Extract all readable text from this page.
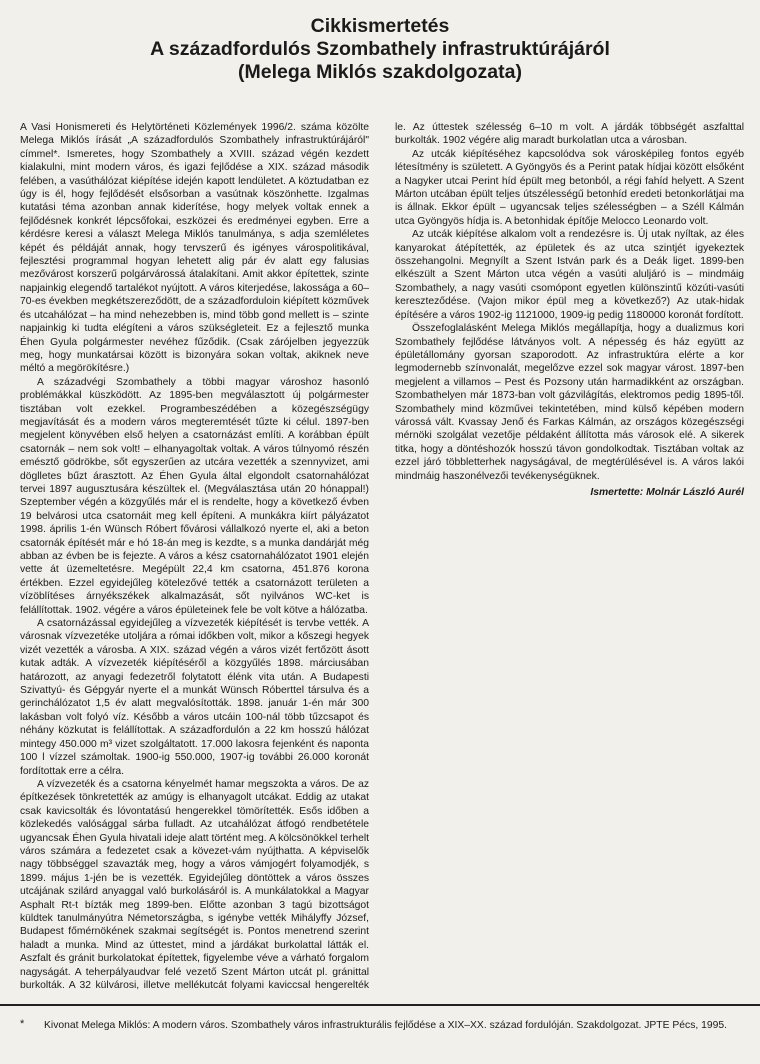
Cikkismertetés
A századfordulós Szombathely infrastruktúrájáról
(Melega Miklós szakdolgozata)

A Vasi Honismereti és Helytörténeti Közlemények 1996/2. száma közölte Melega Miklós írását „A századfordulós Szombathely infrastruktúrájáról" címmel*. Ismeretes, hogy Szombathely a XVIII. század végén kezdett kialakulni, mint modern város, és igazi fejlődése a XIX. század második felében, a vasúthálózat kiépítése idején kapott lendületet. A köztudatban ez úgy is él, hogy fejlődését elsősorban a vasútnak köszönhette. Izgalmas kutatási téma azonban annak kiderítése, hogy melyek voltak ennek a fejlődésnek konkrét lépcsőfokai, eszközei és eredményei egyben. Erre a kérdésre keresi a választ Melega Miklós tanulmánya, s adja szemléletes képét és példáját annak, hogy tervszerű és igényes várospolitikával, fejlesztési programmal hogyan lehetett alig pár év alatt egy falusias mezővárost korszerű polgárvárossá átalakítani. Amit akkor építettek, szinte napjainkig elegendő tartalékot nyújtott. A város kiterjedése, lakossága a 60–70-es években megkétszereződött, de a századforduloin kiépített közművek és utcahálózat – ha mind nehezebben is, mind több gond mellett is – szinte napjainkig ki tudta elégíteni a város szükségleteit. Ez a fejlesztő munka Éhen Gyula polgármester nevéhez fűződik. (Csak zárójelben jegyezzük meg, hogy munkatársai között is bizonyára sokan voltak, akiknek neve méltó a megörökítésre.)

A századvégi Szombathely a többi magyar városhoz hasonló problémákkal küszködött. Az 1895-ben megválasztott új polgármester tisztában volt ezekkel. Programbeszédében a közegészségügy megjavítását és a modern város megteremtését tűzte ki célul. 1897-ben megjelent könyvében első helyen a csatornázást említi. A korábban épült csatornák – nem sok volt! – elhanyagoltak voltak. A város túlnyomó részén emésztő gödrökbe, sőt egyszerűen az utcára vezették a szennyvizet, ami döglletes bűzt árasztott. Az Éhen Gyula által elgondolt csatornahálózat tervei 1897 augusztusára készültek el. (Megválasztása után 20 hónappal!) Szeptember végén a közgyűlés már el is rendelte, hogy a következő évben 19 belvárosi utca csatornáit meg kell építeni. A munkákra kiírt pályázatot 1998. április 1-én Wünsch Róbert fővárosi vállalkozó nyerte el, aki a beton csatornák építését már e hó 18-án meg is kezdte, s a munka dandárját még abban az évben be is fejezte. A város a kész csatornahálózatot 1901 elején vette át üzemeltetésre. Megépült 22,4 km csatorna, 451.876 korona értékben. Ezzel egyidejűleg kötelezővé tették a csatornázott területen a vízöblítéses árnyékszékek alkalmazását, sőt nyilvános WC-ket is felállítottak. 1902. végére a város épületeinek fele be volt kötve a hálózatba.

A csatornázással egyidejűleg a vízvezeték kiépítését is tervbe vették. A városnak vízvezetéke utoljára a római időkben volt, mikor a kőszegi hegyek vizét vezették a városba. A XIX. század végén a város vizét fertőzött ásott kutak adták. A vízvezeték kiépítéséről a közgyűlés 1898. márciusában határozott, az anyagi fedezetről folytatott élénk vita után. A Budapesti Szivattyú- és Gépgyár nyerte el a munkát Wünsch Róberttel társulva és a gerinchálózatot 1,5 év alatt megvalósították. 1898. január 1-én már 300 lakásban volt folyó víz. Később a város utcáin 100-nál több tűzcsapot és néhány közkutat is felállítottak. A századfordulón a 22 km hosszú hálózat mintegy 450.000 m³ vizet szolgáltatott. 17.000 lakosra fejenként és naponta 100 l vízzel számoltak. 1900-ig 550.000, 1907-ig további 26.000 koronát fordítottak erre a célra.

A vízvezeték és a csatorna kényelmét hamar megszokta a város. De az építkezések tönkretették az amúgy is elhanyagolt utcákat. Eddig az utakat csak kavicsolták és lóvontatású hengerekkel tömörítették. Esős időben a közlekedés valósággal sárba fulladt. Az utcahálózat átfogó rendbetétele ugyancsak Éhen Gyula hivatali ideje alatt történt meg. A kölcsönökkel terhelt város számára a fedezetet csak a kövezet-vám nyújthatta. A képviselők nagy többséggel szavazták meg, hogy a város vámjogért folyamodjék, s 1899. május 1-jén be is vezették. Egyidejűleg döntöttek a város összes utcájának szilárd anyaggal való burkolásáról is. A munkálatokkal a Magyar Asphalt Rt-t bízták meg 1899-ben. Előtte azonban 3 tagú bizottságot küldtek tanulmányútra Németországba, s igénybe vették Mihályffy József, Budapest főmérnökének szakmai segítségét is. Pontos menetrend szerint haladt a munka. Mind az úttestet, mind a járdákat burkolattal látták el. Aszfalt és gránit burkolatokat építettek, figyelembe véve a várható forgalom nagyságát. A teherpályaudvar felé vezető Szent Márton utcát pl. gránittal burkolták. A 32 külvárosi, illetve mellékutcát folyami kaviccsal hengerelték le. Az úttestek szélesség 6–10 m volt. A járdák többségét aszfalttal burkolták. 1902 végére alig maradt burkolatlan utca a városban.

Az utcák kiépítéséhez kapcsolódva sok városképileg fontos egyéb létesítmény is született. A Gyöngyös és a Perint patak hídjai között elsőként a Nagyker utcai Perint híd épült meg betonból, a régi fahíd helyett. A Szent Márton utcában épült teljes útszélességű betonhíd eredeti betonkorlátjai ma is állnak. Ekkor épült – ugyancsak teljes szélességben – a Széll Kálmán utca Gyöngyös hídja is. A betonhidak építője Melocco Leonardo volt.

Az utcák kiépítése alkalom volt a rendezésre is. Új utak nyíltak, az éles kanyarokat átépítették, az épületek és az utca szintjét igyekeztek összehangolni. Megnyílt a Szent István park és a Deák liget. 1899-ben elkészült a Szent Márton utca végén a vasúti aluljáró is – mindmáig Szombathely, a nagy vasúti csomópont egyetlen különszintű közúti-vasúti kereszteződése. (Vajon mikor épül meg a következő?) Az utak-hidak építésére a város 1902-ig 1121000, 1909-ig pedig 1180000 koronát fordított.

Összefoglalásként Melega Miklós megállapítja, hogy a dualizmus kori Szombathely fejlődése látványos volt. A népesség és ház együtt az épületállomány gyorsan szaporodott. Az infrastruktúra elérte a kor legmodernebb színvonalát, megelőzve ezzel sok magyar várost. 1897-ben megjelent a villamos – Pest és Pozsony után harmadikként az országban. Szombathelyen már 1873-ban volt gázvilágítás, elektromos pedig 1895-től. Szombathely mind közművei tekintetében, mind külső képében modern várossá vált. Kvassay Jenő és Farkas Kálmán, az országos közegészségi mérnöki szolgálat vezetője példaként állította más városok elé. A sikerek titka, hogy a döntéshozók hosszú távon gondolkodtak. Tisztában voltak az ezzel járó többletterhek nagyságával, de megtérülésével is. A város lakói mindmáig haszonélvezői tevékenységüknek.

Ismertette: Molnár László Aurél
* Kivonat Melega Miklós: A modern város. Szombathely város infrastrukturális fejlődése a XIX–XX. század fordulóján. Szakdolgozat. JPTE Pécs, 1995.
